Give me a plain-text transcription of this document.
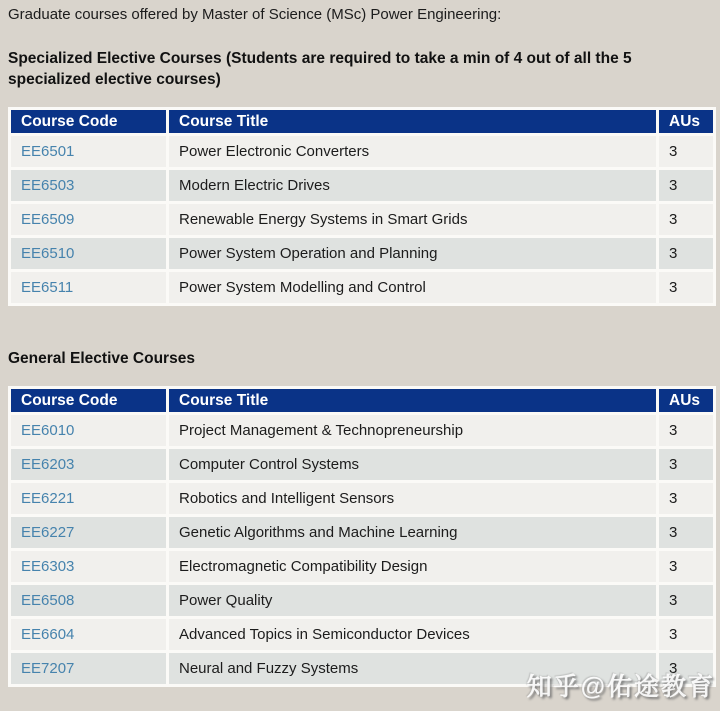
Graduate courses offered by Master of Science (MSc) Power Engineering:

Specialized Elective Courses (Students are required to take a min of 4 out of all the 5 specialized elective courses)
Course Code	Course Title	AUs
EE6501	Power Electronic Converters	3
EE6503	Modern Electric Drives	3
EE6509	Renewable Energy Systems in Smart Grids	3
EE6510	Power System Operation and Planning	3
EE6511	Power System Modelling and Control	3
General Elective Courses
Course Code	Course Title	AUs
EE6010	Project Management & Technopreneurship	3
EE6203	Computer Control Systems	3
EE6221	Robotics and Intelligent Sensors	3
EE6227	Genetic Algorithms and Machine Learning	3
EE6303	Electromagnetic Compatibility Design	3
EE6508	Power Quality	3
EE6604	Advanced Topics in Semiconductor Devices	3
EE7207	Neural and Fuzzy Systems	3
知乎@佑途教育
